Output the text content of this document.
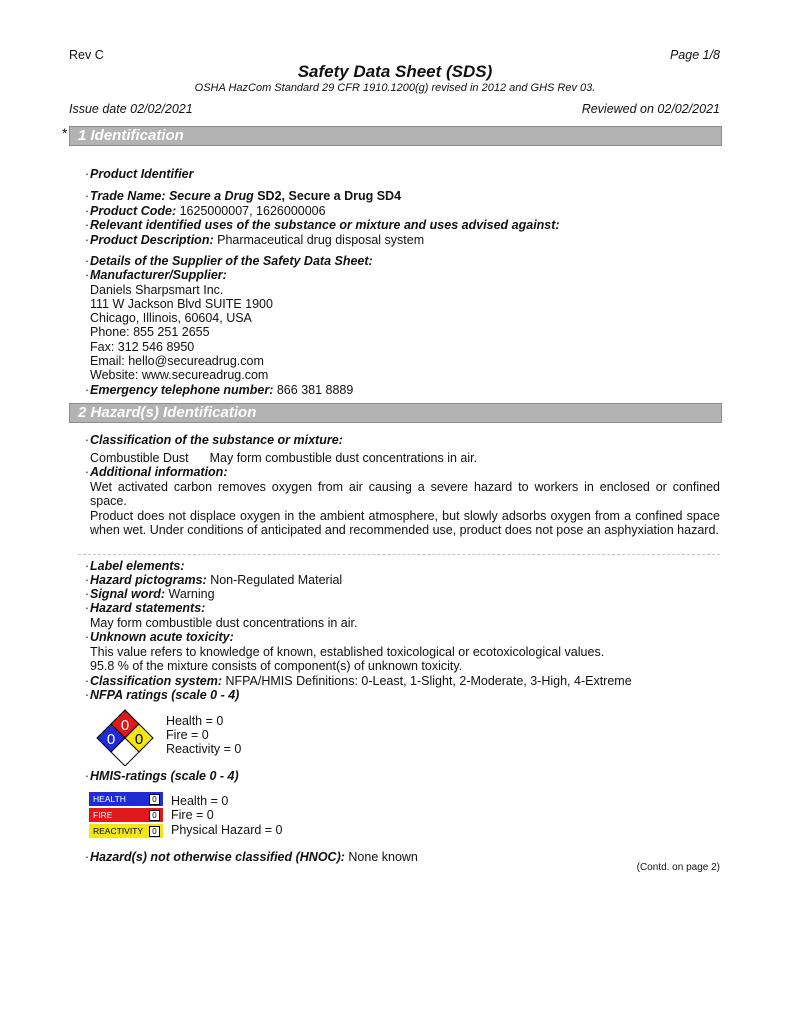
Rev C	Page 1/8
Safety Data Sheet (SDS)
OSHA HazCom Standard 29 CFR 1910.1200(g) revised in 2012 and GHS Rev 03.
Issue date 02/02/2021	Reviewed on 02/02/2021
* 1 Identification
· Product Identifier
· Trade Name: Secure a Drug SD2, Secure a Drug SD4
· Product Code: 1625000007, 1626000006
· Relevant identified uses of the substance or mixture and uses advised against:
· Product Description: Pharmaceutical drug disposal system
· Details of the Supplier of the Safety Data Sheet:
· Manufacturer/Supplier:
Daniels Sharpsmart Inc.
111 W Jackson Blvd SUITE 1900
Chicago, Illinois, 60604, USA
Phone: 855 251 2655
Fax: 312 546 8950
Email: hello@secureadrug.com
Website: www.secureadrug.com
· Emergency telephone number: 866 381 8889
2 Hazard(s) Identification
· Classification of the substance or mixture:
Combustible Dust May form combustible dust concentrations in air.
· Additional information:
Wet activated carbon removes oxygen from air causing a severe hazard to workers in enclosed or confined space.
Product does not displace oxygen in the ambient atmosphere, but slowly adsorbs oxygen from a confined space when wet. Under conditions of anticipated and recommended use, product does not pose an asphyxiation hazard.
· Label elements:
· Hazard pictograms: Non-Regulated Material
· Signal word: Warning
· Hazard statements:
May form combustible dust concentrations in air.
· Unknown acute toxicity:
This value refers to knowledge of known, established toxicological or ecotoxicological values.
95.8 % of the mixture consists of component(s) of unknown toxicity.
· Classification system: NFPA/HMIS Definitions: 0-Least, 1-Slight, 2-Moderate, 3-High, 4-Extreme
· NFPA ratings (scale 0 - 4)
0
0 0
Health = 0
Fire = 0
Reactivity = 0
· HMIS-ratings (scale 0 - 4)
HEALTH	0
FIRE	0
REACTIVITY	0
Health = 0
Fire = 0
Physical Hazard = 0
· Hazard(s) not otherwise classified (HNOC): None known
(Contd. on page 2)
